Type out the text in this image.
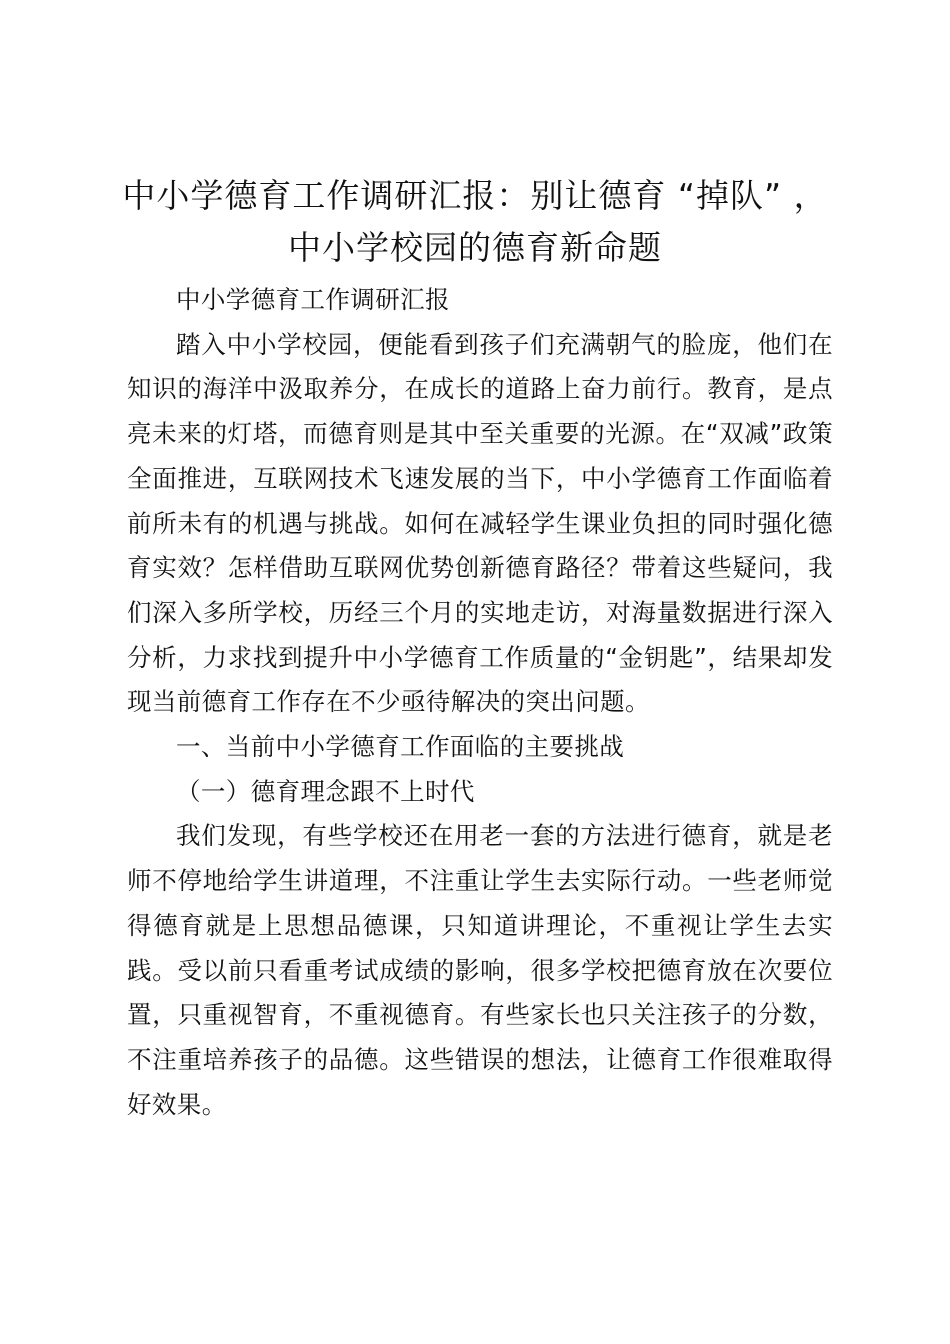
中小学德育工作调研汇报：别让德育 “掉队” ，中小学校园的德育新命题

中小学德育工作调研汇报

踏入中小学校园，便能看到孩子们充满朝气的脸庞，他们在知识的海洋中汲取养分，在成长的道路上奋力前行。教育，是点亮未来的灯塔，而德育则是其中至关重要的光源。在“双减”政策全面推进，互联网技术飞速发展的当下，中小学德育工作面临着前所未有的机遇与挑战。如何在减轻学生课业负担的同时强化德育实效？怎样借助互联网优势创新德育路径？带着这些疑问，我们深入多所学校，历经三个月的实地走访，对海量数据进行深入分析，力求找到提升中小学德育工作质量的“金钥匙”，结果却发现当前德育工作存在不少亟待解决的突出问题。

一、当前中小学德育工作面临的主要挑战

（一）德育理念跟不上时代

我们发现，有些学校还在用老一套的方法进行德育，就是老师不停地给学生讲道理，不注重让学生去实际行动。一些老师觉得德育就是上思想品德课，只知道讲理论，不重视让学生去实践。受以前只看重考试成绩的影响，很多学校把德育放在次要位置，只重视智育，不重视德育。有些家长也只关注孩子的分数，不注重培养孩子的品德。这些错误的想法，让德育工作很难取得好效果。
